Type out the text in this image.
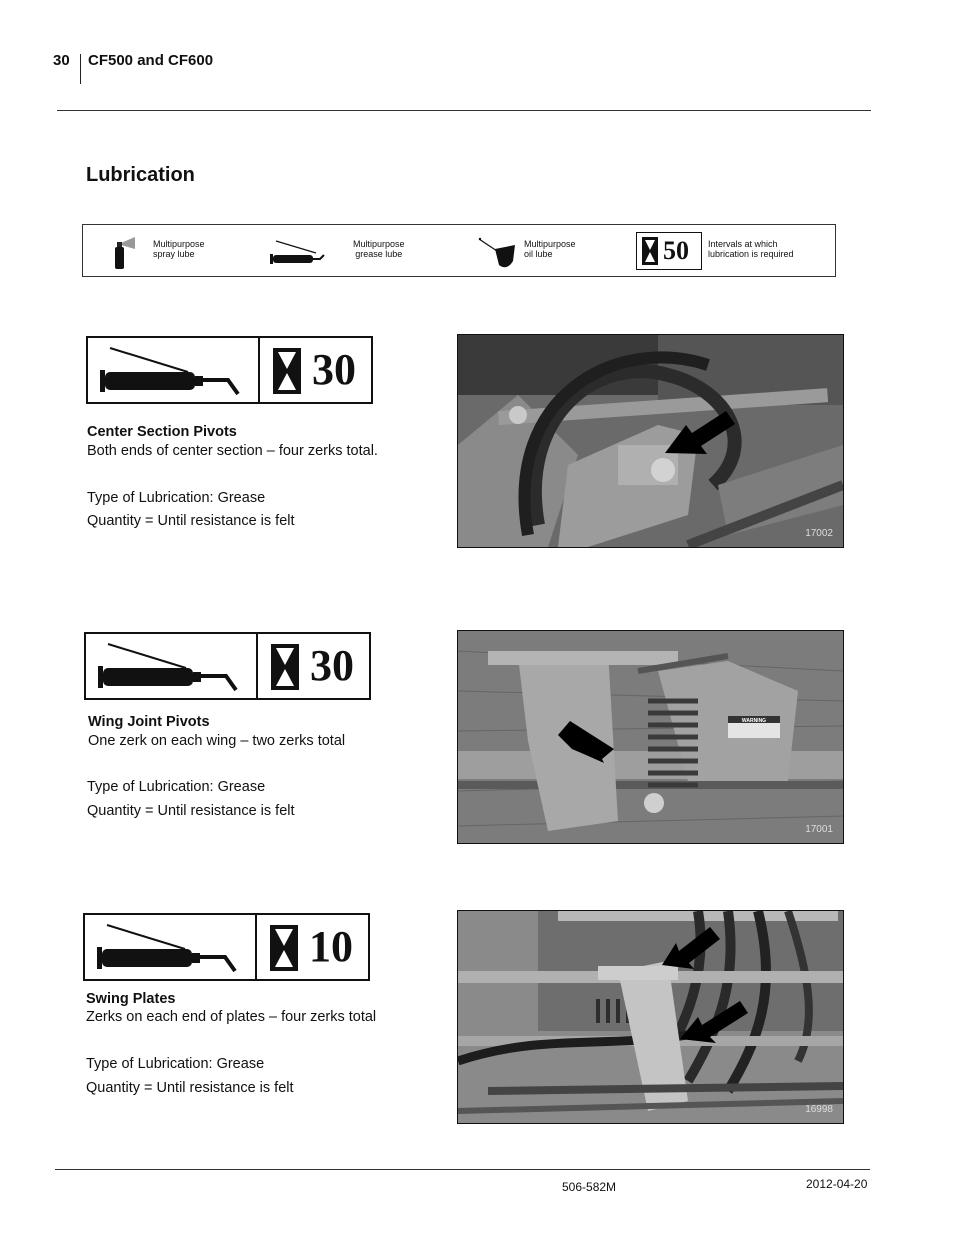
30 CF500 and CF600
Lubrication
Multipurpose
spray lube
Multipurpose
grease lube
Multipurpose
oil lube	50 Intervals at which
lubrication is required
30
Center Section Pivots
Both ends of center section – four zerks total.
Type of Lubrication: Grease
Quantity = Until resistance is felt
17002
30
Wing Joint Pivots
One zerk on each wing – two zerks total
Type of Lubrication: Grease
Quantity = Until resistance is felt
WARNING
17001
10
Swing Plates
Zerks on each end of plates – four zerks total
Type of Lubrication: Grease
Quantity = Until resistance is felt
16998
506-582M	2012-04-20
